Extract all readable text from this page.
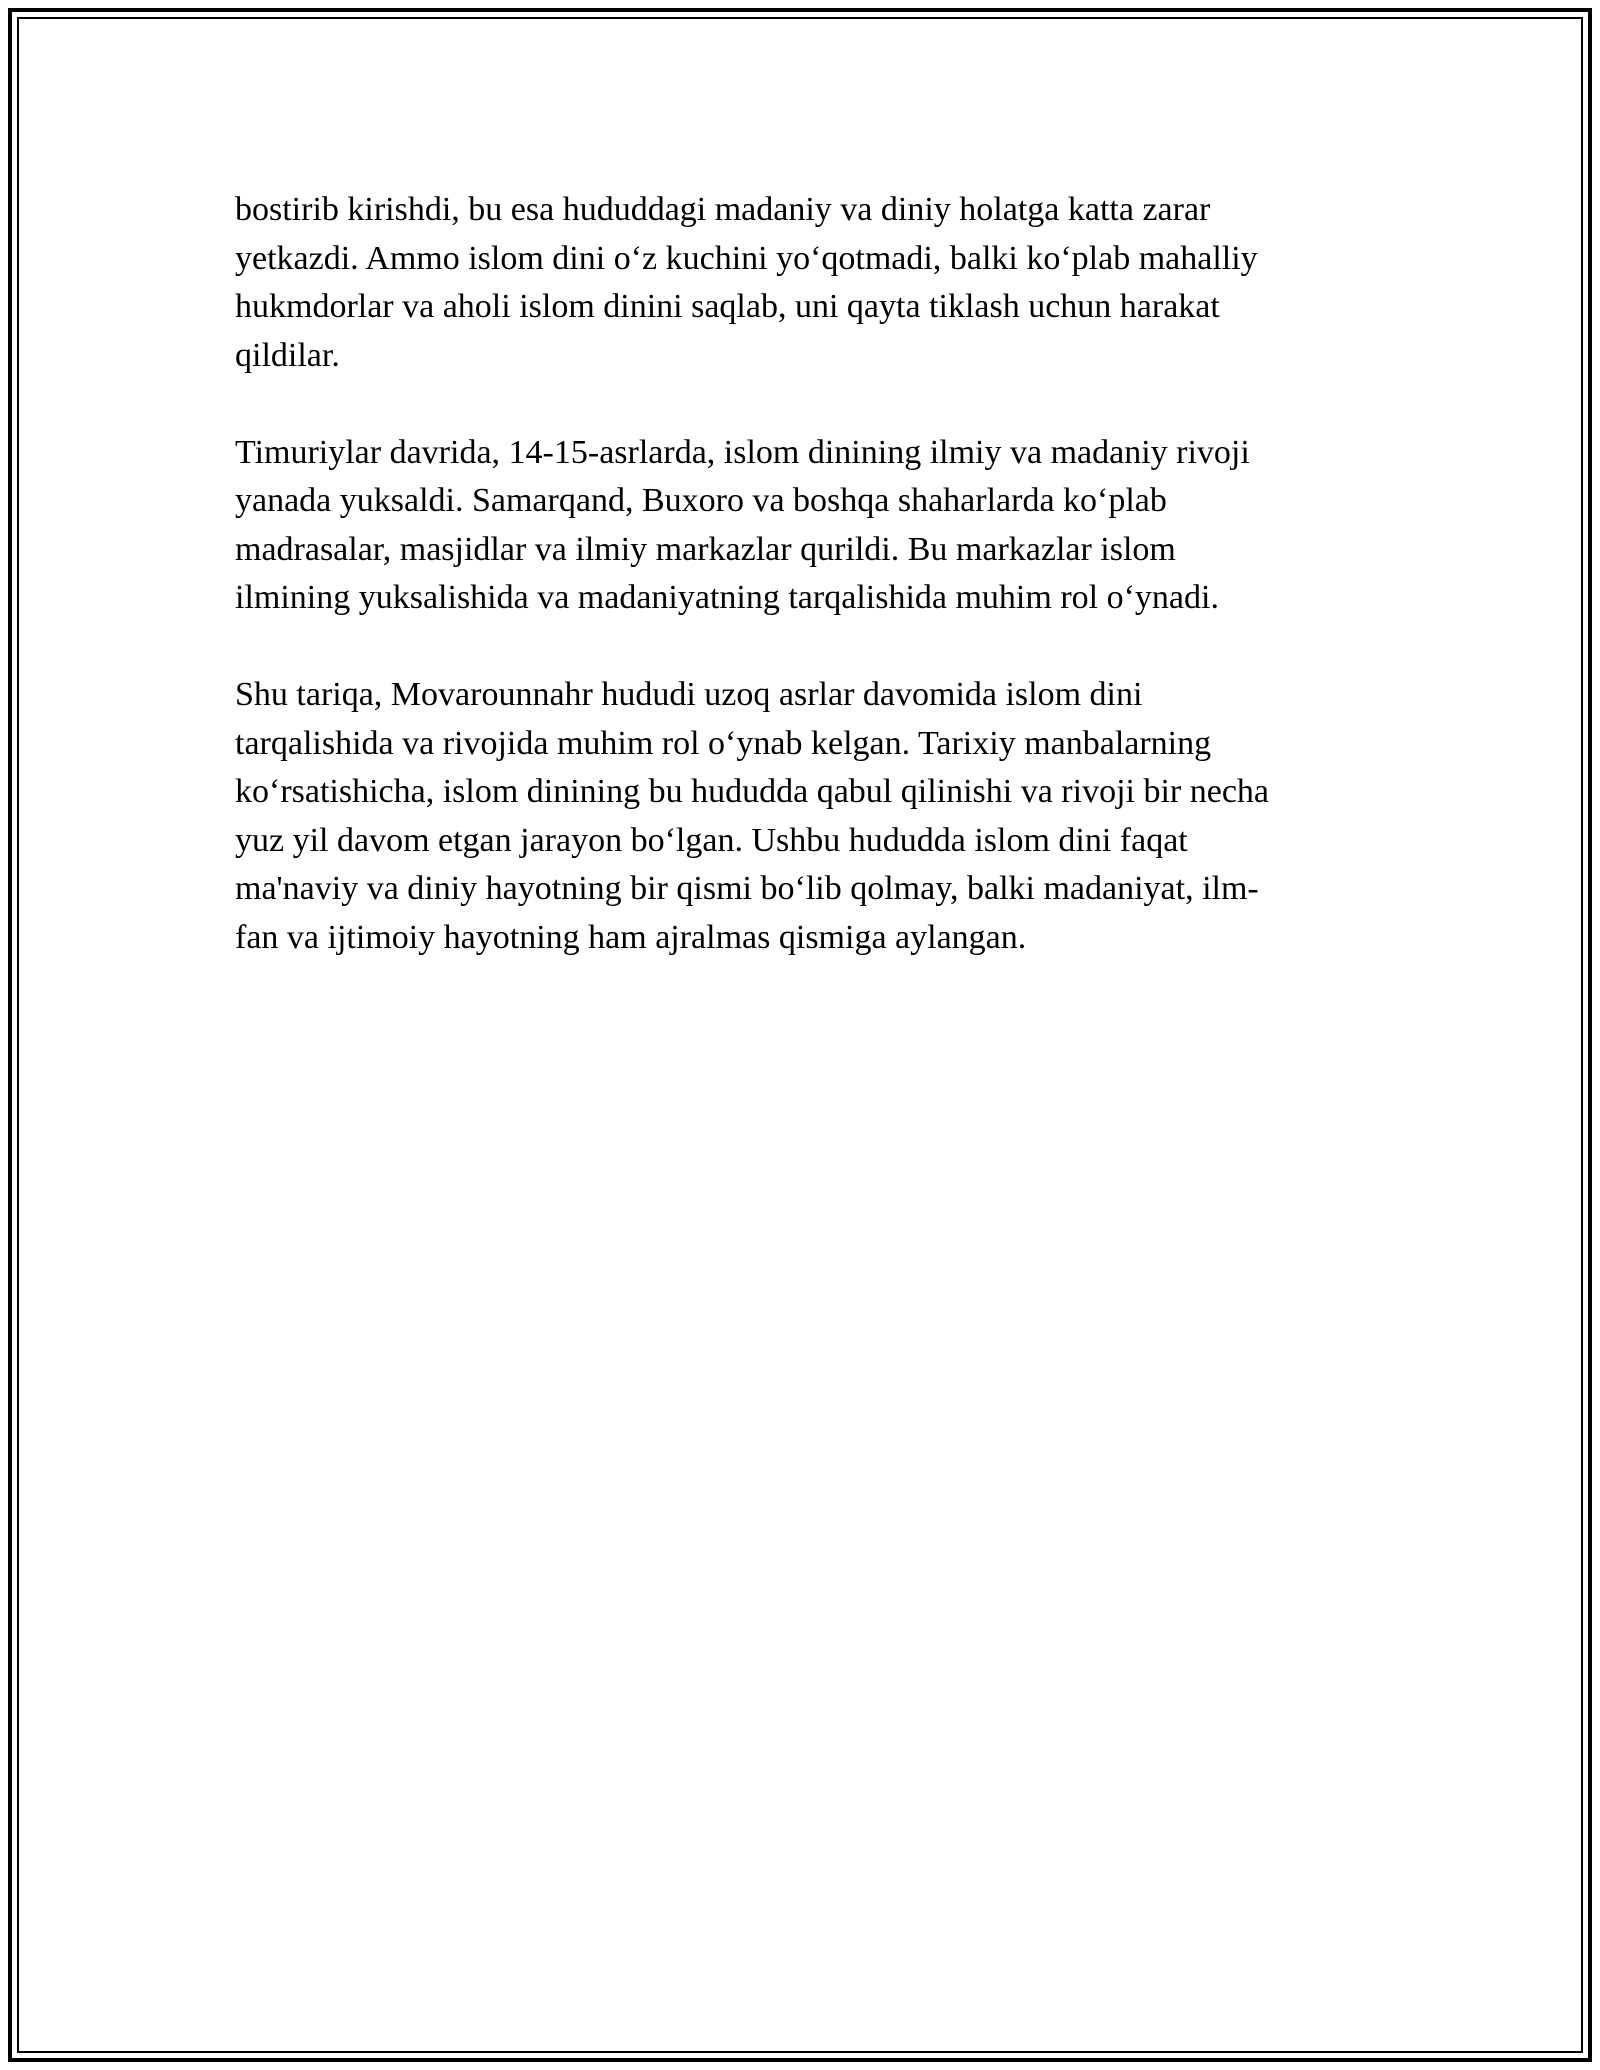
bostirib kirishdi, bu esa hududdagi madaniy va diniy holatga katta zarar
yetkazdi. Ammo islom dini o‘z kuchini yo‘qotmadi, balki ko‘plab mahalliy
hukmdorlar va aholi islom dinini saqlab, uni qayta tiklash uchun harakat
qildilar.

Timuriylar davrida, 14-15-asrlarda, islom dinining ilmiy va madaniy rivoji
yanada yuksaldi. Samarqand, Buxoro va boshqa shaharlarda ko‘plab
madrasalar, masjidlar va ilmiy markazlar qurildi. Bu markazlar islom
ilmining yuksalishida va madaniyatning tarqalishida muhim rol o‘ynadi.

Shu tariqa, Movarounnahr hududi uzoq asrlar davomida islom dini
tarqalishida va rivojida muhim rol o‘ynab kelgan. Tarixiy manbalarning
ko‘rsatishicha, islom dinining bu hududda qabul qilinishi va rivoji bir necha
yuz yil davom etgan jarayon bo‘lgan. Ushbu hududda islom dini faqat
ma'naviy va diniy hayotning bir qismi bo‘lib qolmay, balki madaniyat, ilm-
fan va ijtimoiy hayotning ham ajralmas qismiga aylangan.
